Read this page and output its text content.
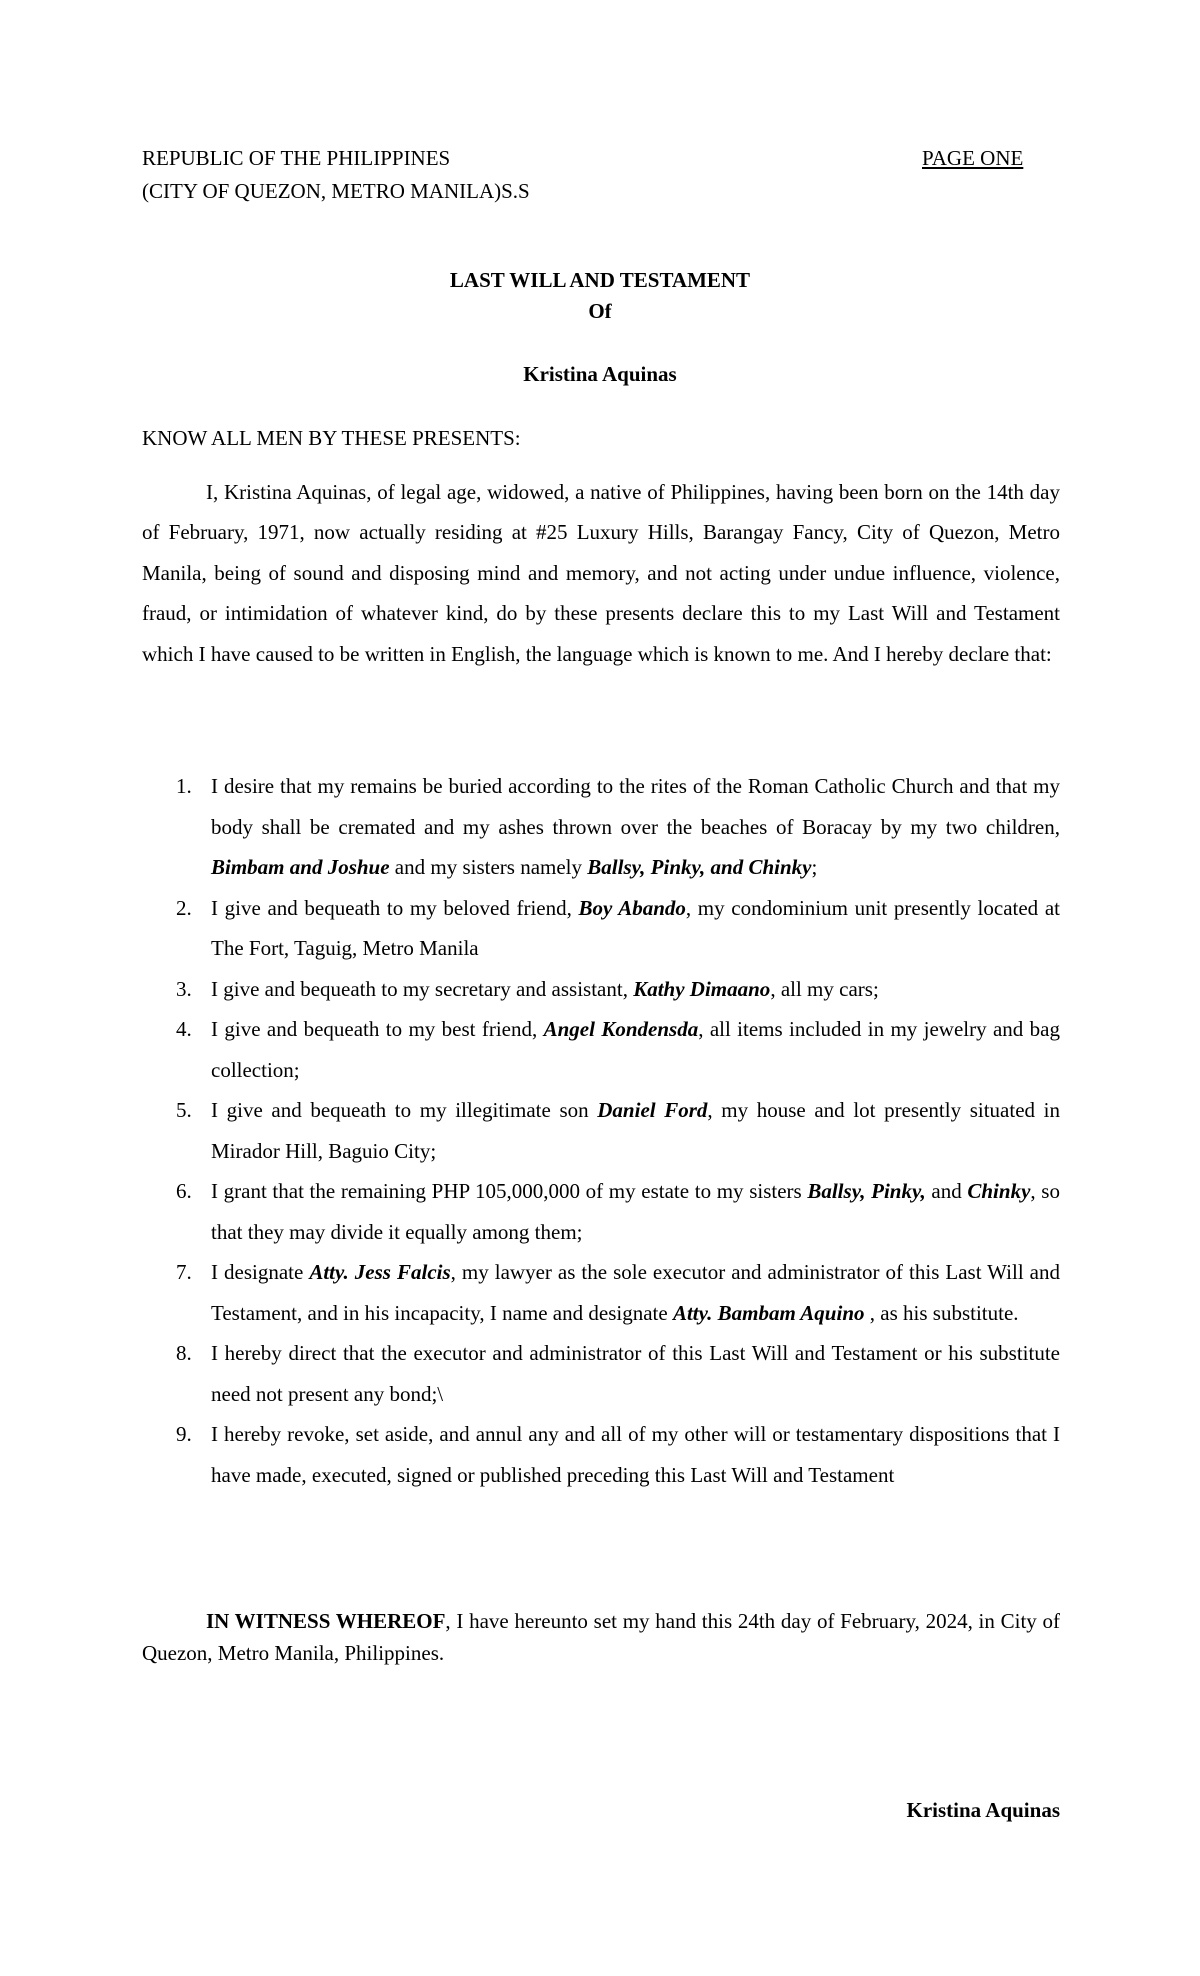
REPUBLIC OF THE PHILIPPINES
(CITY OF QUEZON, METRO MANILA)S.S
PAGE ONE
LAST WILL AND TESTAMENT
Of
Kristina Aquinas
KNOW ALL MEN BY THESE PRESENTS:

I, Kristina Aquinas, of legal age, widowed, a native of Philippines, having been born on the 14th day of February, 1971, now actually residing at #25 Luxury Hills, Barangay Fancy, City of Quezon, Metro Manila, being of sound and disposing mind and memory, and not acting under undue influence, violence, fraud, or intimidation of whatever kind, do by these presents declare this to my Last Will and Testament which I have caused to be written in English, the language which is known to me. And I hereby declare that:

1. I desire that my remains be buried according to the rites of the Roman Catholic Church and that my body shall be cremated and my ashes thrown over the beaches of Boracay by my two children, Bimbam and Joshue and my sisters namely Ballsy, Pinky, and Chinky;
2. I give and bequeath to my beloved friend, Boy Abando, my condominium unit presently located at The Fort, Taguig, Metro Manila
3. I give and bequeath to my secretary and assistant, Kathy Dimaano, all my cars;
4. I give and bequeath to my best friend, Angel Kondensda, all items included in my jewelry and bag collection;
5. I give and bequeath to my illegitimate son Daniel Ford, my house and lot presently situated in Mirador Hill, Baguio City;
6. I grant that the remaining PHP 105,000,000 of my estate to my sisters Ballsy, Pinky, and Chinky, so that they may divide it equally among them;
7. I designate Atty. Jess Falcis, my lawyer as the sole executor and administrator of this Last Will and Testament, and in his incapacity, I name and designate Atty. Bambam Aquino , as his substitute.
8. I hereby direct that the executor and administrator of this Last Will and Testament or his substitute need not present any bond;\
9. I hereby revoke, set aside, and annul any and all of my other will or testamentary dispositions that I have made, executed, signed or published preceding this Last Will and Testament

IN WITNESS WHEREOF, I have hereunto set my hand this 24th day of February, 2024, in City of Quezon, Metro Manila, Philippines.

Kristina Aquinas
